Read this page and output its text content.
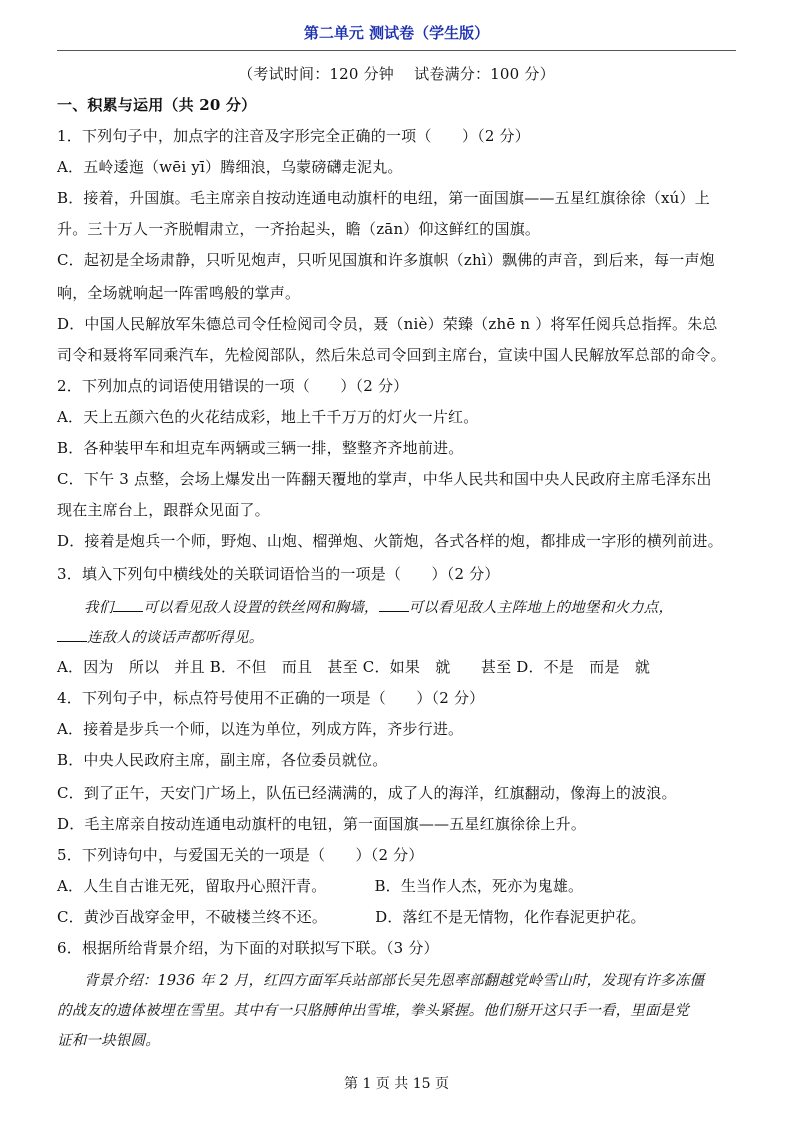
第二单元 测试卷（学生版）
（考试时间：120 分钟　 试卷满分：100 分）
一、积累与运用（共 20 分）
1．下列句子中，加点字的注音及字形完全正确的一项（　　）（2 分）
A．五岭逶迤（wēi yī）腾细浪，乌蒙磅礴走泥丸。
B．接着，升国旗。毛主席亲自按动连通电动旗杆的电纽，第一面国旗——五星红旗徐徐（xú）上
升。三十万人一齐脱帽肃立，一齐抬起头，瞻（zān）仰这鲜红的国旗。
C．起初是全场肃静，只听见炮声，只听见国旗和许多旗帜（zhì）飘佛的声音，到后来，每一声炮
响，全场就响起一阵雷鸣般的掌声。
D．中国人民解放军朱德总司令任检阅司令员，聂（niè）荣臻（zhē n ）将军任阅兵总指挥。朱总
司令和聂将军同乘汽车，先检阅部队，然后朱总司令回到主席台，宣读中国人民解放军总部的命令。
2．下列加点的词语使用错误的一项（　　）（2 分）
A．天上五颜六色的火花结成彩，地上千千万万的灯火一片红。
B．各种装甲车和坦克车两辆或三辆一排，整整齐齐地前进。
C．下午 3 点整，会场上爆发出一阵翻天覆地的掌声，中华人民共和国中央人民政府主席毛泽东出
现在主席台上，跟群众见面了。
D．接着是炮兵一个师，野炮、山炮、榴弹炮、火箭炮，各式各样的炮，都排成一字形的横列前进。
3．填入下列句中横线处的关联词语恰当的一项是（　　）（2 分）
我们 可以看见敌人设置的铁丝网和胸墙， 可以看见敌人主阵地上的地堡和火力点，
连敌人的谈话声都听得见。
A．因为　所以　并且 B．不但　而且　甚至 C．如果　就　　甚至 D．不是　而是　就
4．下列句子中，标点符号使用不正确的一项是（　　）（2 分）
A．接着是步兵一个师，以连为单位，列成方阵，齐步行进。
B．中央人民政府主席，副主席，各位委员就位。
C．到了正午，天安门广场上，队伍已经满满的，成了人的海洋，红旗翻动，像海上的波浪。
D．毛主席亲自按动连通电动旗杆的电钮，第一面国旗——五星红旗徐徐上升。
5．下列诗句中，与爱国无关的一项是（　　）（2 分）
A．人生自古谁无死，留取丹心照汗青。	B．生当作人杰，死亦为鬼雄。
C．黄沙百战穿金甲，不破楼兰终不还。	D．落红不是无情物，化作春泥更护花。
6．根据所给背景介绍，为下面的对联拟写下联。（3 分）
背景介绍：1936 年 2 月，红四方面军兵站部部长吴先恩率部翻越党岭雪山时，发现有许多冻僵
的战友的遗体被埋在雪里。其中有一只胳膊伸出雪堆，拳头紧握。他们掰开这只手一看，里面是党
证和一块银圆。
第 1 页 共 15 页
